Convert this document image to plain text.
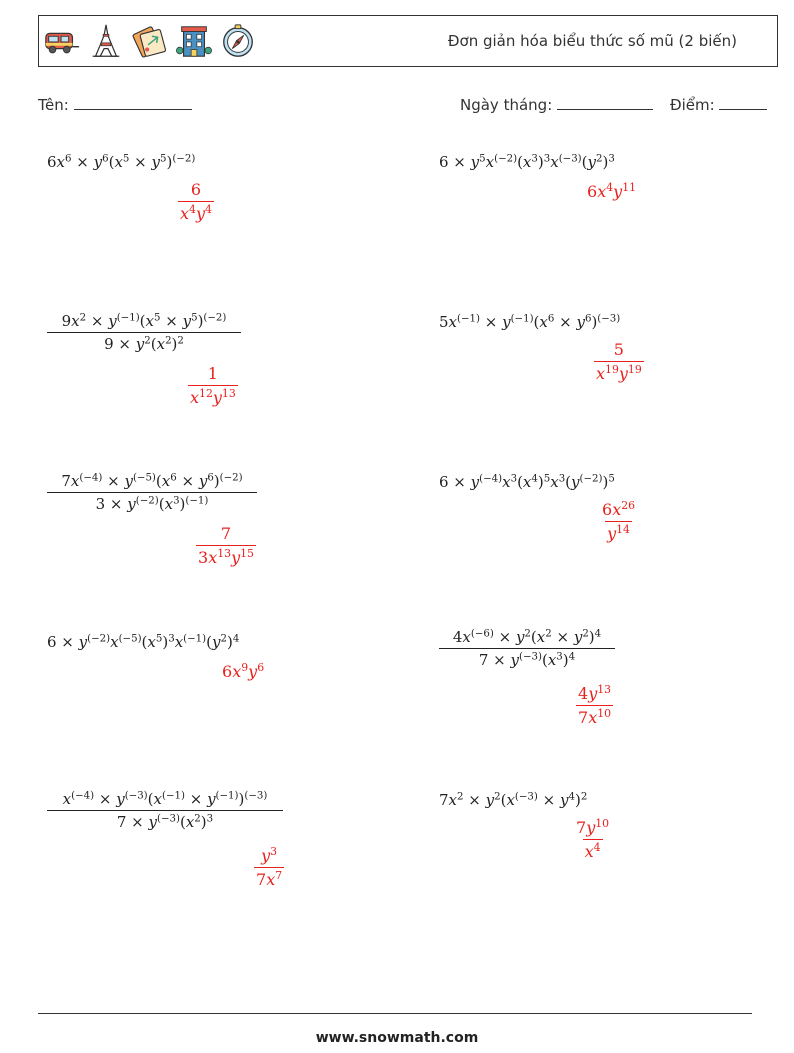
Đơn giản hóa biểu thức số mũ (2 biến)
Tên:	Ngày tháng:	Điểm:
$6x^6 \times y^6(x^5 \times y^5)^{(-2)}$
$\frac{6}{x^4y^4}$
$6 \times y^5x^{(-2)}(x^3)^3x^{(-3)}(y^2)^3$
$6x^4y^{11}$
$\frac{9x^2 \times y^{(-1)}(x^5 \times y^5)^{(-2)}}{9 \times y^2(x^2)^2}$
$\frac{1}{x^{12}y^{13}}$
$5x^{(-1)} \times y^{(-1)}(x^6 \times y^6)^{(-3)}$
$\frac{5}{x^{19}y^{19}}$
$\frac{7x^{(-4)} \times y^{(-5)}(x^6 \times y^6)^{(-2)}}{3 \times y^{(-2)}(x^3)^{(-1)}}$
$\frac{7}{3x^{13}y^{15}}$
$6 \times y^{(-4)}x^3(x^4)^5x^3(y^{(-2)})^5$
$\frac{6x^{26}}{y^{14}}$
$6 \times y^{(-2)}x^{(-5)}(x^5)^3x^{(-1)}(y^2)^4$
$6x^9y^6$	$\frac{4x^{(-6)} \times y^2(x^2 \times y^2)^4}{7 \times y^{(-3)}(x^3)^4}$
$\frac{4y^{13}}{7x^{10}}$
$\frac{x^{(-4)} \times y^{(-3)}(x^{(-1)} \times y^{(-1)})^{(-3)}}{7 \times y^{(-3)}(x^2)^3}$
$\frac{y^3}{7x^7}$
$7x^2 \times y^2(x^{(-3)} \times y^4)^2$
$\frac{7y^{10}}{x^4}$
www.snowmath.com
